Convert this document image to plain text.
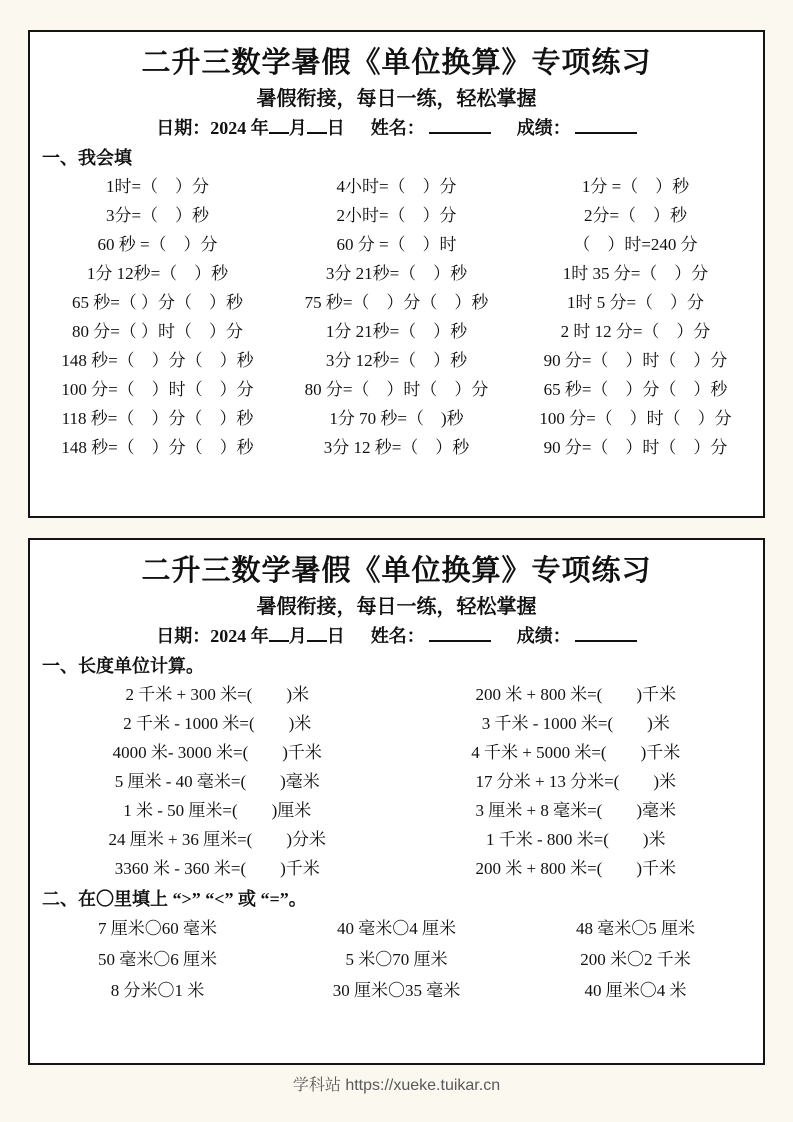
二升三数学暑假《单位换算》专项练习
暑假衔接，每日一练，轻松掌握
日期：2024 年 月 日 姓名：	成绩：
一、我会填
1时=（　）分	4小时=（　）分	1分 =（　）秒
3分=（　）秒	2小时=（　）分	2分=（　）秒
60 秒 =（　）分	60 分 =（　）时	（　）时=240 分
1分 12秒=（　）秒	3分 21秒=（　）秒	1时 35 分=（　）分
65 秒=（ ）分（　）秒	75 秒=（　）分（　）秒	1时 5 分=（　）分
80 分=（ ）时（　）分	1分 21秒=（　）秒	2 时 12 分=（　）分
148 秒=（　）分（　）秒	3分 12秒=（　）秒	90 分=（　）时（　）分
100 分=（　）时（　）分	80 分=（　）时（　）分	65 秒=（　）分（　）秒
118 秒=（　）分（　）秒	1分 70 秒=（　)秒	100 分=（　）时（　）分
148 秒=（　）分（　）秒	3分 12 秒=（　）秒	90 分=（　）时（　）分
二升三数学暑假《单位换算》专项练习
暑假衔接，每日一练，轻松掌握
日期：2024 年 月 日 姓名：	成绩：
一、长度单位计算。
2 千米 + 300 米=(　　)米	200 米 + 800 米=(　　)千米
2 千米 - 1000 米=(　　)米	3 千米 - 1000 米=(　　)米
4000 米- 3000 米=(　　)千米	4 千米 + 5000 米=(　　)千米
5 厘米 - 40 毫米=(　　)毫米	17 分米 + 13 分米=(　　)米
1 米 - 50 厘米=(　　)厘米	3 厘米 + 8 毫米=(　　)毫米
24 厘米 + 36 厘米=(　　)分米	1 千米 - 800 米=(　　)米
3360 米 - 360 米=(　　)千米	200 米 + 800 米=(　　)千米
二、在〇里填上 “>” “<” 或 “=”。
7 厘米〇60 毫米	40 毫米〇4 厘米	48 毫米〇5 厘米
50 毫米〇6 厘米	5 米〇70 厘米	200 米〇2 千米
8 分米〇1 米	30 厘米〇35 毫米	40 厘米〇4 米
学科站 https://xueke.tuikar.cn
